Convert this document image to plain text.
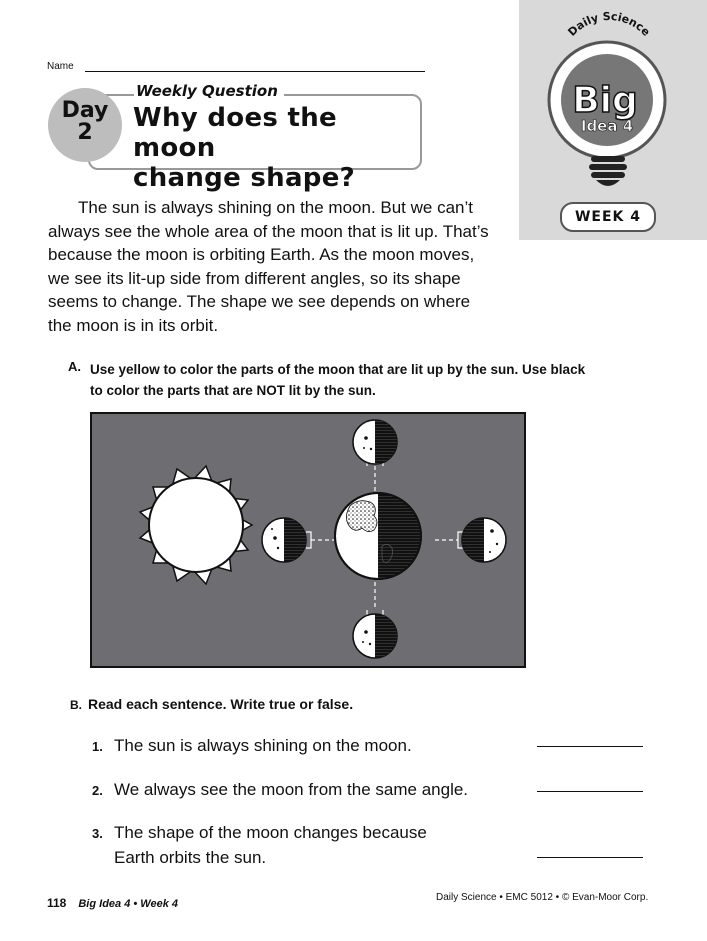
Name
Weekly Question
Day
2	Why does the moon
change shape?
Daily Science
Big
Idea 4
WEEK 4

The sun is always shining on the moon. But we can’t always see the whole area of the moon that is lit up. That’s because the moon is orbiting Earth. As the moon moves, we see its lit-up side from different angles, so its shape seems to change. The shape we see depends on where the moon is in its orbit.

A. Use yellow to color the parts of the moon that are lit up by the sun. Use black to color the parts that are NOT lit by the sun.
B. Read each sentence. Write true or false.
1. The sun is always shining on the moon.
2. We always see the moon from the same angle.
3. The shape of the moon changes because
Earth orbits the sun.
118 Big Idea 4 • Week 4
Daily Science • EMC 5012 • © Evan-Moor Corp.
